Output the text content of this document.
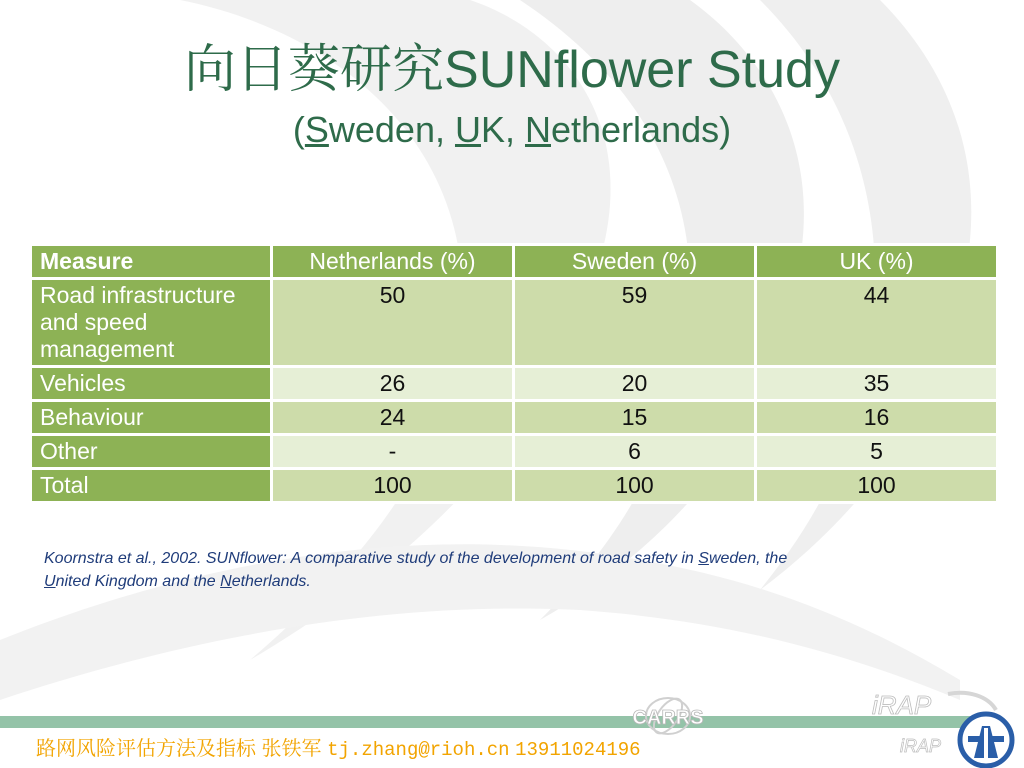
向日葵研究SUNflower Study
(Sweden, UK, Netherlands)
Measure	Netherlands (%)	Sweden (%)	UK (%)
Road infrastructure and speed management	50	59	44
Vehicles	26	20	35
Behaviour	24	15	16
Other	-	6	5
Total	100	100	100
Koornstra et al., 2002. SUNflower: A comparative study of the development of road safety in Sweden, the
United Kingdom and the Netherlands.
路网风险评估方法及指标 张铁军 tj.zhang@rioh.cn 13911024196
CARRS	iRAP
iRAP
